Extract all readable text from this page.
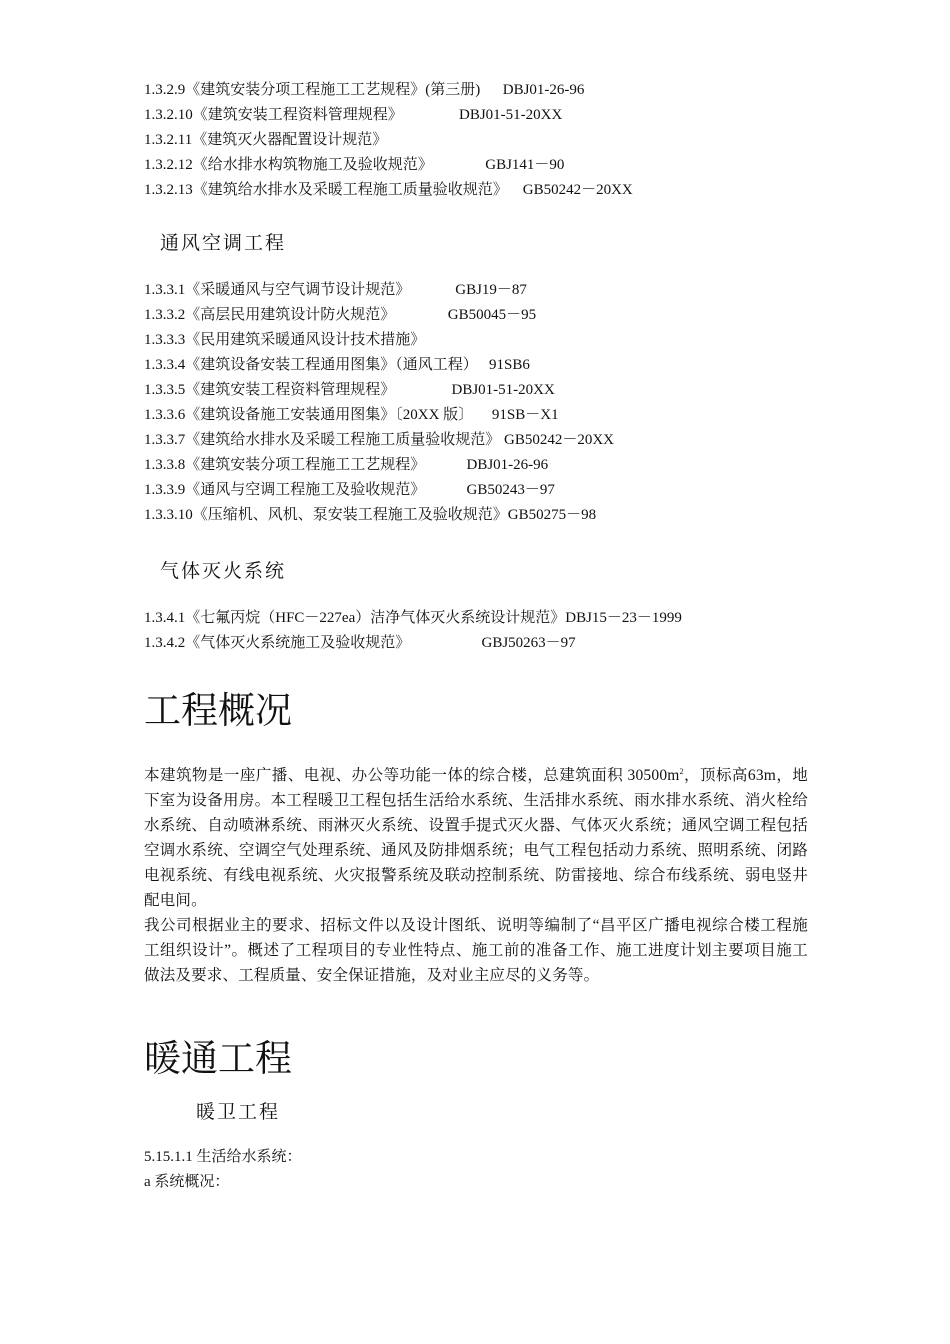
1.3.2.9《建筑安装分项工程施工工艺规程》(第三册)      DBJ01-26-96
1.3.2.10《建筑安装工程资料管理规程》               DBJ01-51-20XX
1.3.2.11《建筑灭火器配置设计规范》
1.3.2.12《给水排水构筑物施工及验收规范》              GBJ141－90
1.3.2.13《建筑给水排水及采暖工程施工质量验收规范》    GB50242－20XX
通风空调工程
1.3.3.1《采暖通风与空气调节设计规范》            GBJ19－87
1.3.3.2《高层民用建筑设计防火规范》              GB50045－95
1.3.3.3《民用建筑采暖通风设计技术措施》
1.3.3.4《建筑设备安装工程通用图集》（通风工程）   91SB6
1.3.3.5《建筑安装工程资料管理规程》               DBJ01-51-20XX
1.3.3.6《建筑设备施工安装通用图集》〔20XX 版〕     91SB－X1
1.3.3.7《建筑给水排水及采暖工程施工质量验收规范》 GB50242－20XX
1.3.3.8《建筑安装分项工程施工工艺规程》           DBJ01-26-96
1.3.3.9《通风与空调工程施工及验收规范》           GB50243－97
1.3.3.10《压缩机、风机、泵安装工程施工及验收规范》GB50275－98
气体灭火系统
1.3.4.1《七氟丙烷（HFC－227ea）洁净气体灭火系统设计规范》DBJ15－23－1999
1.3.4.2《气体灭火系统施工及验收规范》                   GBJ50263－97
工程概况

本建筑物是一座广播、电视、办公等功能一体的综合楼，总建筑面积 $30500m^2$，顶标高63m，地下室为设备用房。本工程暖卫工程包括生活给水系统、生活排水系统、雨水排水系统、消火栓给水系统、自动喷淋系统、雨淋灭火系统、设置手提式灭火器、气体灭火系统；通风空调工程包括空调水系统、空调空气处理系统、通风及防排烟系统；电气工程包括动力系统、照明系统、闭路电视系统、有线电视系统、火灾报警系统及联动控制系统、防雷接地、综合布线系统、弱电竖井配电间。

我公司根据业主的要求、招标文件以及设计图纸、说明等编制了“昌平区广播电视综合楼工程施工组织设计”。概述了工程项目的专业性特点、施工前的准备工作、施工进度计划主要项目施工做法及要求、工程质量、安全保证措施，及对业主应尽的义务等。

暖通工程
暖卫工程
5.15.1.1 生活给水系统：
a 系统概况：
